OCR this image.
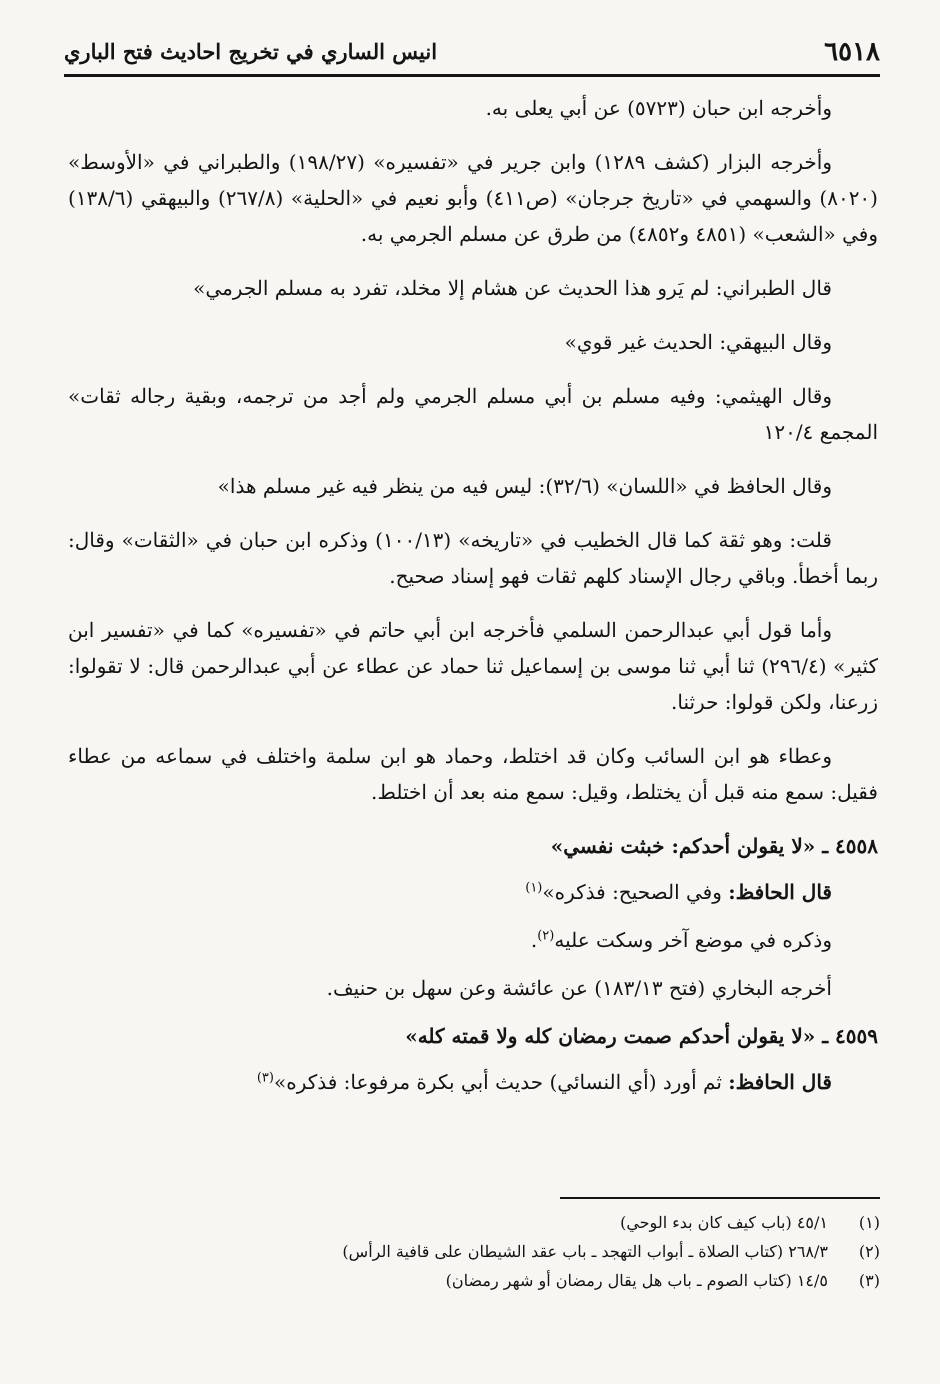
٦٥١٨
انيس الساري في تخريج احاديث فتح الباري

وأخرجه ابن حبان (٥٧٢٣) عن أبي يعلى به.

وأخرجه البزار (كشف ١٢٨٩) وابن جرير في «تفسيره» (١٩٨/٢٧) والطبراني في «الأوسط» (٨٠٢٠) والسهمي في «تاريخ جرجان» (ص٤١١) وأبو نعيم في «الحلية» (٢٦٧/٨) والبيهقي (١٣٨/٦) وفي «الشعب» (٤٨٥١ و٤٨٥٢) من طرق عن مسلم الجرمي به.

قال الطبراني: لم يَرو هذا الحديث عن هشام إلا مخلد، تفرد به مسلم الجرمي»

وقال البيهقي: الحديث غير قوي»

وقال الهيثمي: وفيه مسلم بن أبي مسلم الجرمي ولم أجد من ترجمه، وبقية رجاله ثقات» المجمع ١٢٠/٤

وقال الحافظ في «اللسان» (٣٢/٦): ليس فيه من ينظر فيه غير مسلم هذا»

قلت: وهو ثقة كما قال الخطيب في «تاريخه» (١٠٠/١٣) وذكره ابن حبان في «الثقات» وقال: ربما أخطأ. وباقي رجال الإسناد كلهم ثقات فهو إسناد صحيح.

وأما قول أبي عبدالرحمن السلمي فأخرجه ابن أبي حاتم في «تفسيره» كما في «تفسير ابن كثير» (٢٩٦/٤) ثنا أبي ثنا موسى بن إسماعيل ثنا حماد عن عطاء عن أبي عبدالرحمن قال: لا تقولوا: زرعنا، ولكن قولوا: حرثنا.

وعطاء هو ابن السائب وكان قد اختلط، وحماد هو ابن سلمة واختلف في سماعه من عطاء فقيل: سمع منه قبل أن يختلط، وقيل: سمع منه بعد أن اختلط.

٤٥٥٨ ـ «لا يقولن أحدكم: خبثت نفسي»

قال الحافظ: وفي الصحيح: فذكره»$^{(١)}$

وذكره في موضع آخر وسكت عليه$^{(٢)}$.

أخرجه البخاري (فتح ١٨٣/١٣) عن عائشة وعن سهل بن حنيف.

٤٥٥٩ ـ «لا يقولن أحدكم صمت رمضان كله ولا قمته كله»

قال الحافظ: ثم أورد (أي النسائي) حديث أبي بكرة مرفوعا: فذكره»$^{(٣)}$

(١)
٤٥/١ (باب كيف كان بدء الوحي)
(٢)
٢٦٨/٣ (كتاب الصلاة ـ أبواب التهجد ـ باب عقد الشيطان على قافية الرأس)
(٣)
١٤/٥ (كتاب الصوم ـ باب هل يقال رمضان أو شهر رمضان)
